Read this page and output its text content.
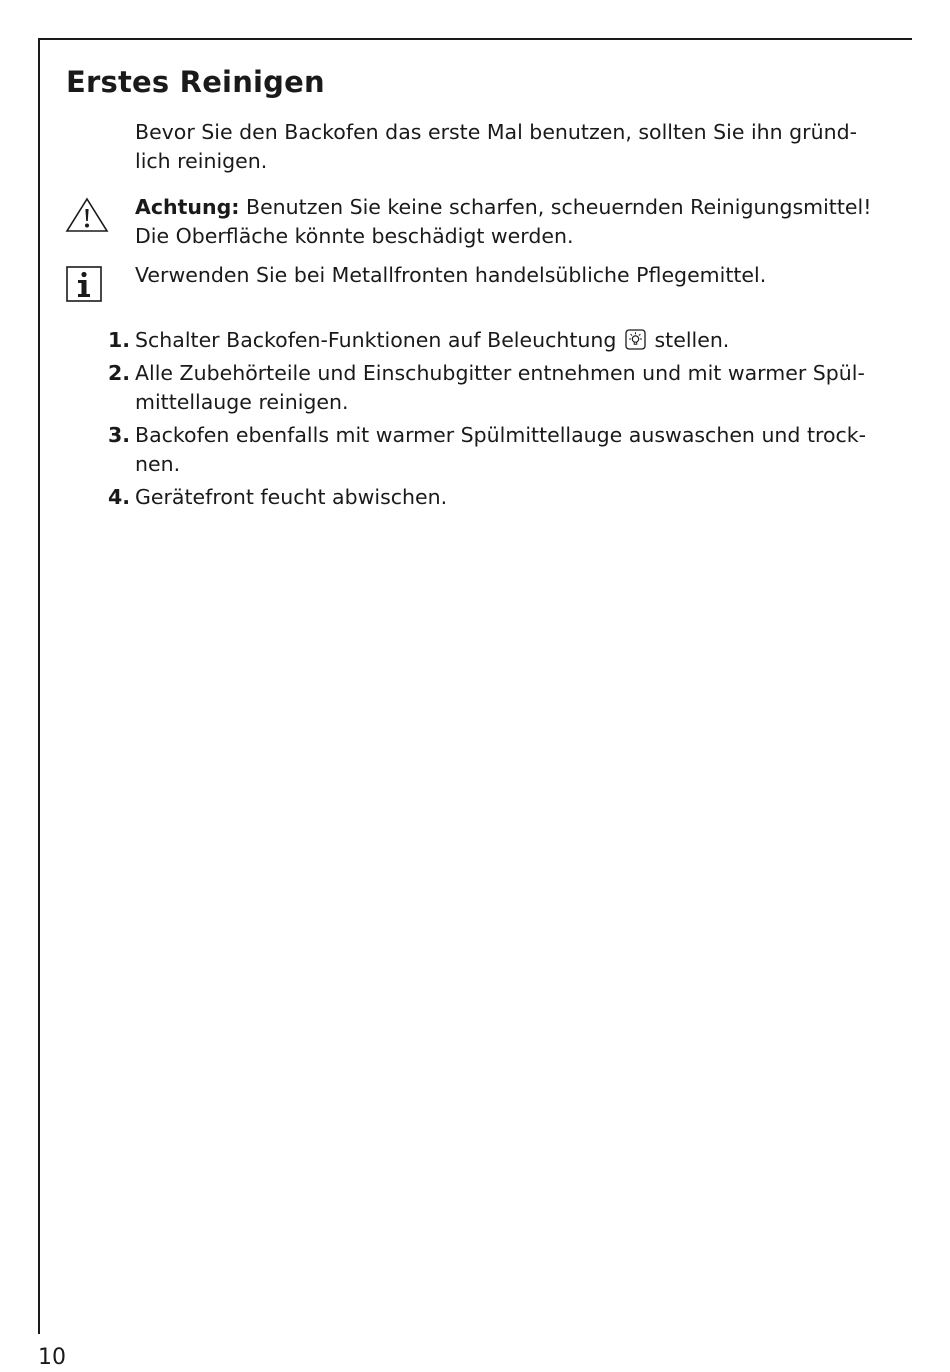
Erstes Reinigen

Bevor Sie den Backofen das erste Mal benutzen, sollten Sie ihn gründ-
lich reinigen.

Achtung: Benutzen Sie keine scharfen, scheuernden Reinigungsmittel!
Die Oberfläche könnte beschädigt werden.

Verwenden Sie bei Metallfronten handelsübliche Pflegemittel.

1. Schalter Backofen-Funktionen auf Beleuchtung stellen.
2. Alle Zubehörteile und Einschubgitter entnehmen und mit warmer Spül-
mittellauge reinigen.
3. Backofen ebenfalls mit warmer Spülmittellauge auswaschen und trock-
nen.
4. Gerätefront feucht abwischen.
10
